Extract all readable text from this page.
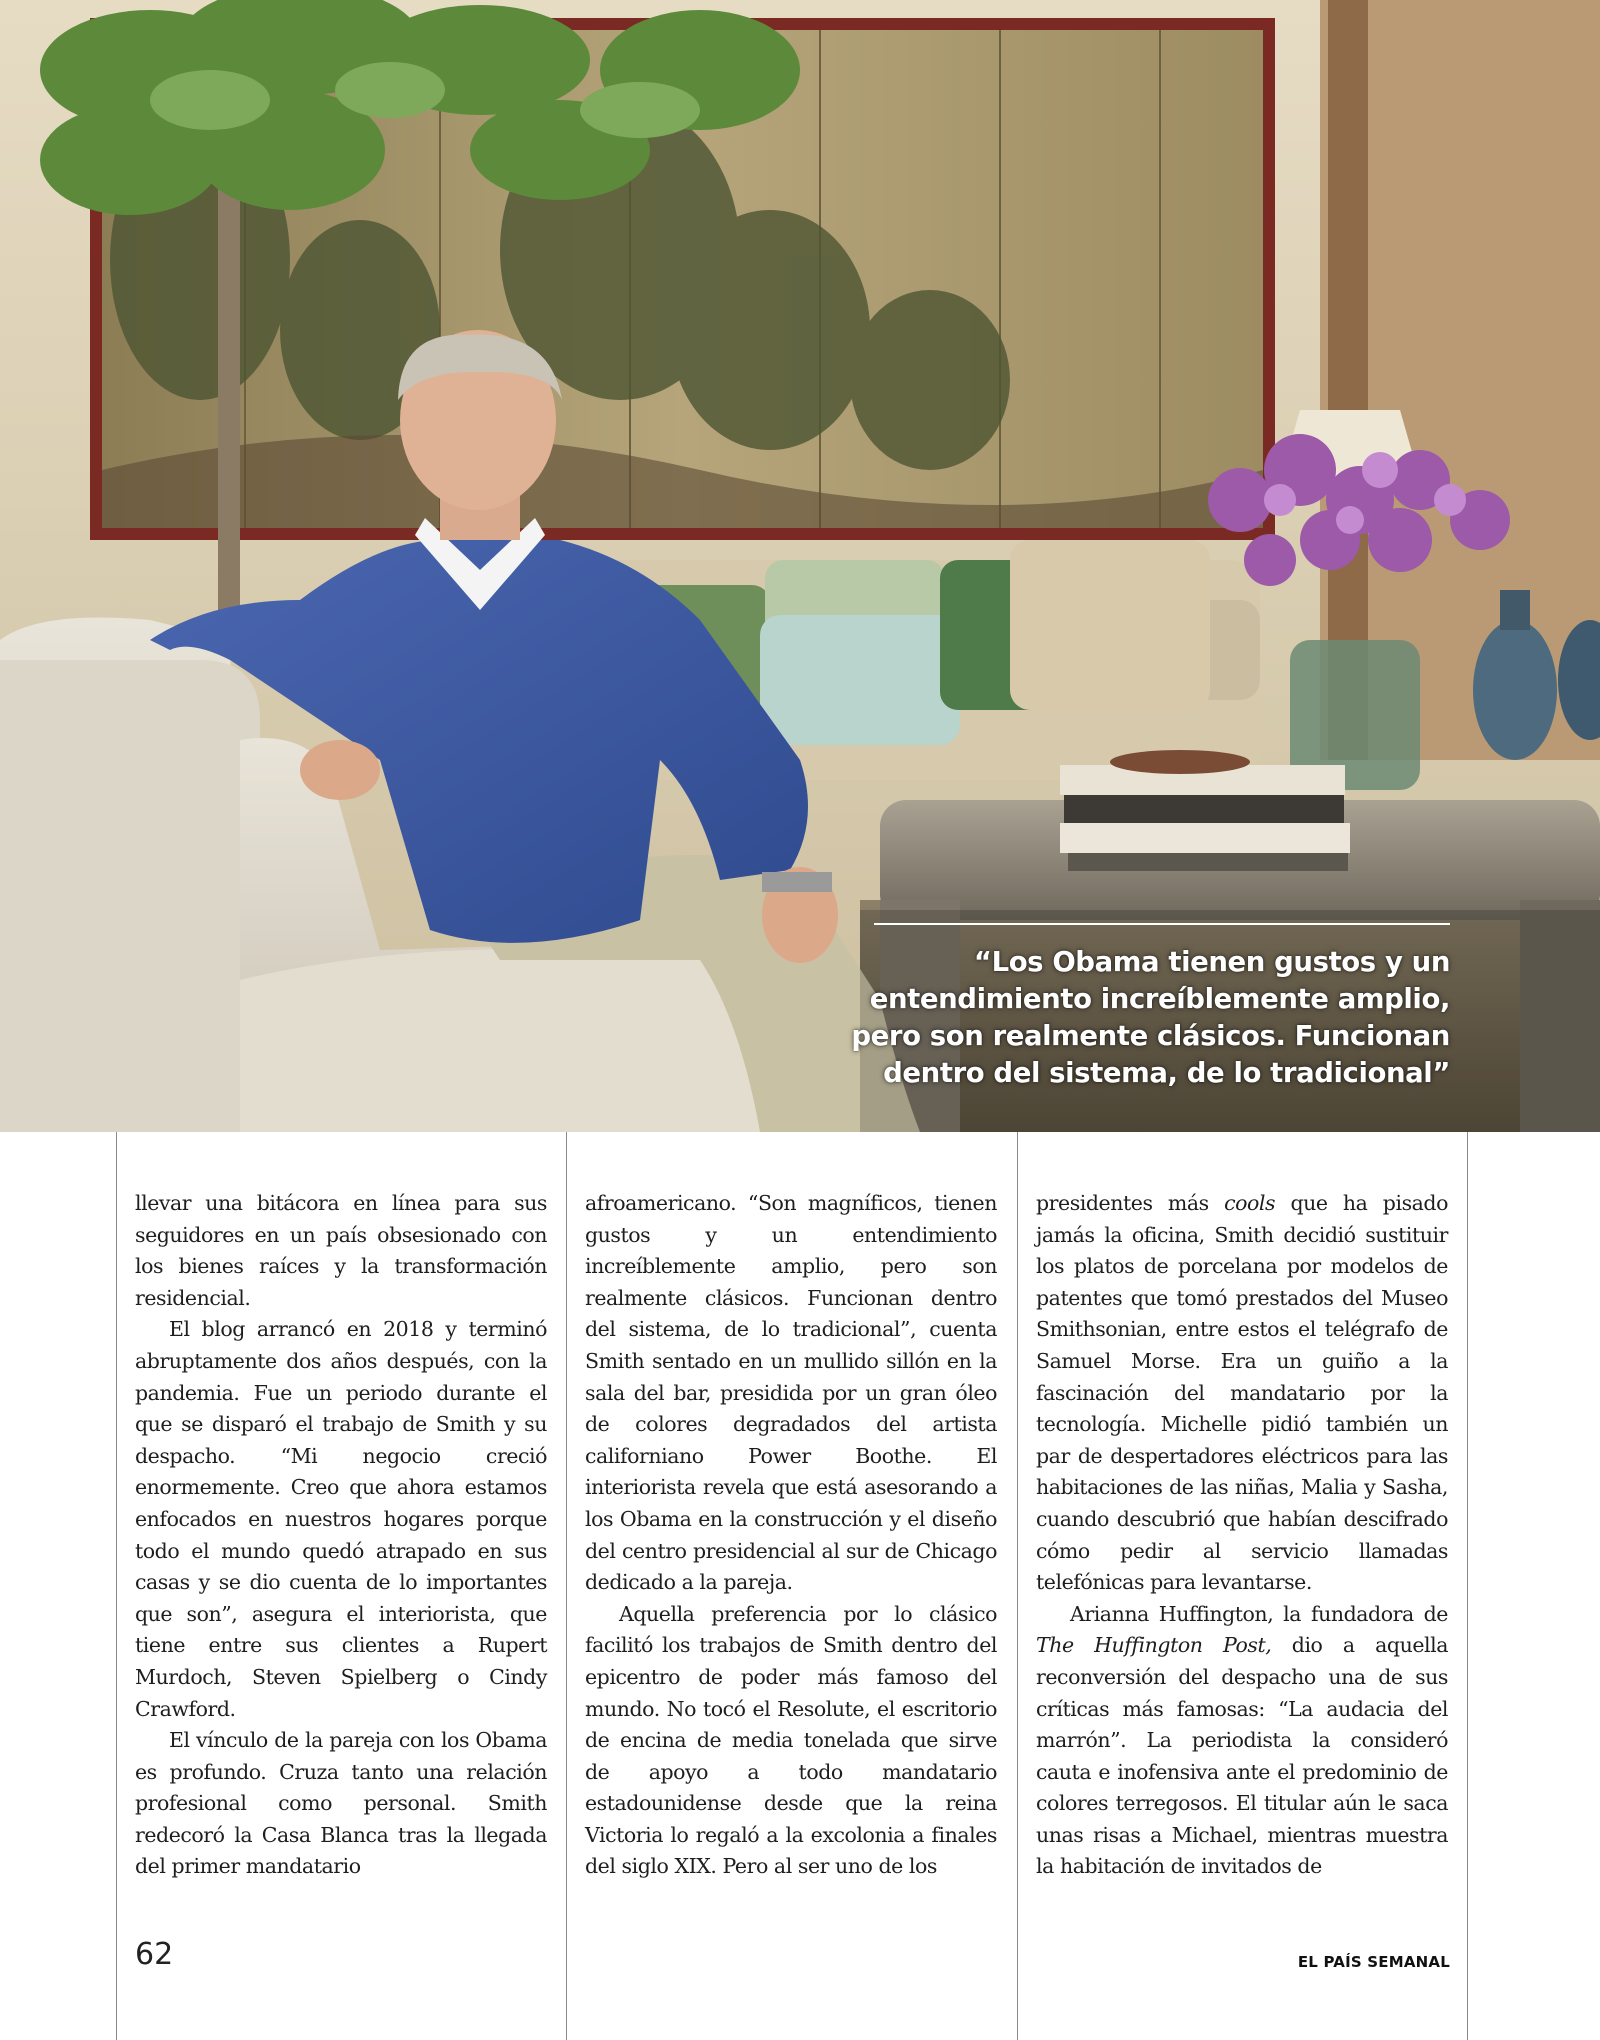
“Los Obama tienen gustos y un entendimiento increíblemente amplio, pero son realmente clásicos. Funcionan dentro del sistema, de lo tradicional”

llevar una bitácora en línea para sus seguidores en un país obsesionado con los bienes raíces y la transformación residencial.

El blog arrancó en 2018 y terminó abruptamente dos años después, con la pandemia. Fue un periodo durante el que se disparó el trabajo de Smith y su despacho. “Mi negocio creció enormemente. Creo que ahora estamos enfocados en nuestros hogares porque todo el mundo quedó atrapado en sus casas y se dio cuenta de lo importantes que son”, asegura el interiorista, que tiene entre sus clientes a Rupert Murdoch, Steven Spielberg o Cindy Crawford.

El vínculo de la pareja con los Obama es profundo. Cruza tanto una relación profesional como personal. Smith redecoró la Casa Blanca tras la llegada del primer mandatario

afroamericano. “Son magníficos, tienen gustos y un entendimiento increíblemente amplio, pero son realmente clásicos. Funcionan dentro del sistema, de lo tradicional”, cuenta Smith sentado en un mullido sillón en la sala del bar, presidida por un gran óleo de colores degradados del artista californiano Power Boothe. El interiorista revela que está asesorando a los Obama en la construcción y el diseño del centro presidencial al sur de Chicago dedicado a la pareja.

Aquella preferencia por lo clásico facilitó los trabajos de Smith dentro del epicentro de poder más famoso del mundo. No tocó el Resolute, el escritorio de encina de media tonelada que sirve de apoyo a todo mandatario estadounidense desde que la reina Victoria lo regaló a la excolonia a finales del siglo XIX. Pero al ser uno de los

presidentes más cools que ha pisado jamás la oficina, Smith decidió sustituir los platos de porcelana por modelos de patentes que tomó prestados del Museo Smithsonian, entre estos el telégrafo de Samuel Morse. Era un guiño a la fascinación del mandatario por la tecnología. Michelle pidió también un par de despertadores eléctricos para las habitaciones de las niñas, Malia y Sasha, cuando descubrió que habían descifrado cómo pedir al servicio llamadas telefónicas para levantarse.

Arianna Huffington, la fundadora de The Huffington Post, dio a aquella reconversión del despacho una de sus críticas más famosas: “La audacia del marrón”. La periodista la consideró cauta e inofensiva ante el predominio de colores terregosos. El titular aún le saca unas risas a Michael, mientras muestra la habitación de invitados de

62	EL PAÍS SEMANAL
